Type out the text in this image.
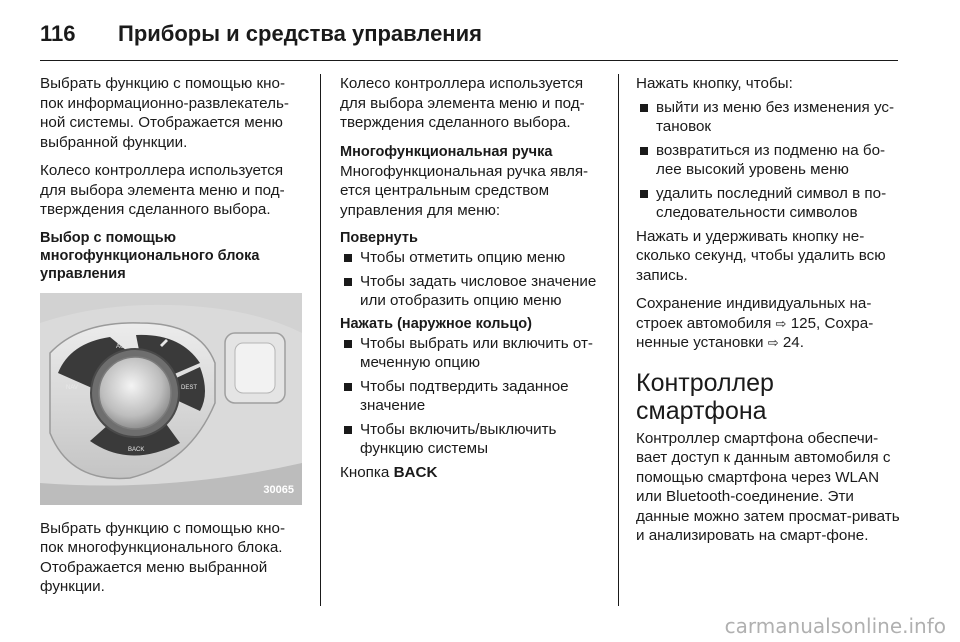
116	Приборы и средства управления

Выбрать функцию с помощью кно-пок информационно-развлекатель-ной системы. Отображается меню выбранной функции.

Колесо контроллера используется для выбора элемента меню и под-тверждения сделанного выбора.

Выбор с помощью многофункционального блока управления
AUDIO
NAV	DEST
BACK
30065

Выбрать функцию с помощью кно-пок многофункционального блока. Отображается меню выбранной функции.

Колесо контроллера используется для выбора элемента меню и под-тверждения сделанного выбора.

Многофункциональная ручка

Многофункциональная ручка явля-ется центральным средством управления для меню:

Повернуть
Чтобы отметить опцию меню
Чтобы задать числовое значение или отобразить опцию меню
Нажать (наружное кольцо)
Чтобы выбрать или включить от-меченную опцию
Чтобы подтвердить заданное значение
Чтобы включить/выключить функцию системы

Кнопка BACK

Нажать кнопку, чтобы:

выйти из меню без изменения ус-тановок
возвратиться из подменю на бо-лее высокий уровень меню
удалить последний символ в по-следовательности символов

Нажать и удерживать кнопку не-сколько секунд, чтобы удалить всю запись.

Сохранение индивидуальных на-строек автомобиля ⇨ 125, Сохра-ненные установки ⇨ 24.

Контроллер смартфона

Контроллер смартфона обеспечи-вает доступ к данным автомобиля с помощью смартфона через WLAN или Bluetooth-соединение. Эти данные можно затем просмат-ривать и анализировать на смарт-фоне.

carmanualsonline.info
